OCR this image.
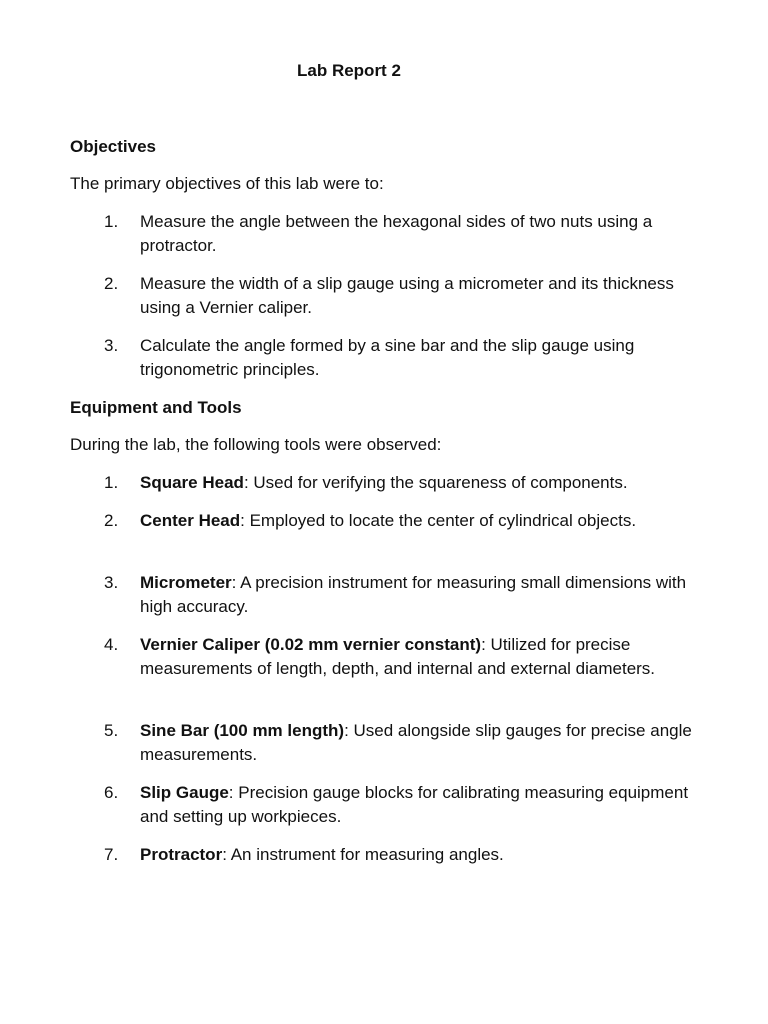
Lab Report 2
Objectives
The primary objectives of this lab were to:
1. Measure the angle between the hexagonal sides of two nuts using a protractor.
2. Measure the width of a slip gauge using a micrometer and its thickness using a Vernier caliper.
3. Calculate the angle formed by a sine bar and the slip gauge using trigonometric principles.
Equipment and Tools
During the lab, the following tools were observed:
1. Square Head: Used for verifying the squareness of components.
2. Center Head: Employed to locate the center of cylindrical objects.
3. Micrometer: A precision instrument for measuring small dimensions with high accuracy.
4. Vernier Caliper (0.02 mm vernier constant): Utilized for precise measurements of length, depth, and internal and external diameters.
5. Sine Bar (100 mm length): Used alongside slip gauges for precise angle measurements.
6. Slip Gauge: Precision gauge blocks for calibrating measuring equipment and setting up workpieces.
7. Protractor: An instrument for measuring angles.
